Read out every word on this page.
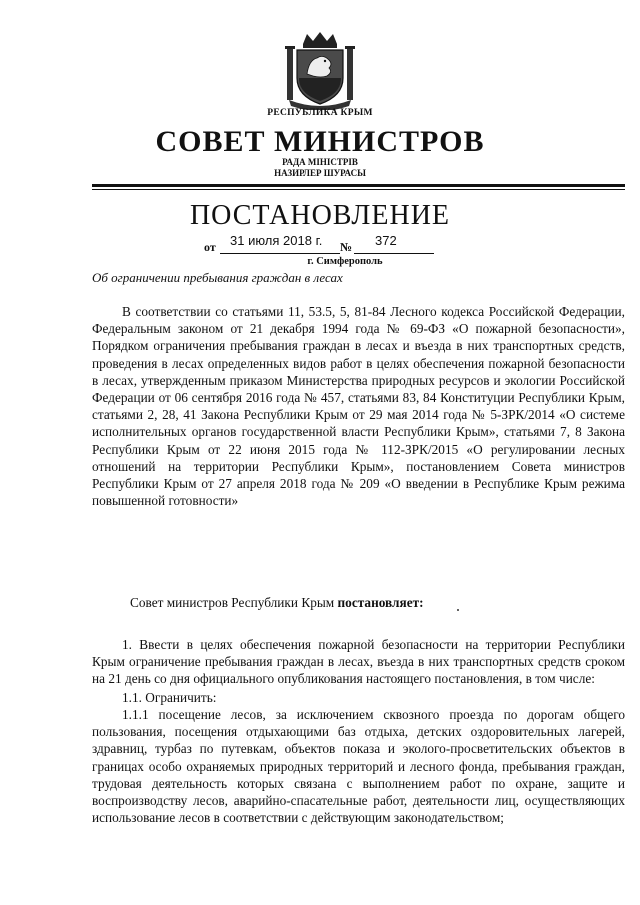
РЕСПУБЛИКА КРЫМ
СОВЕТ МИНИСТРОВ
РАДА МІНІСТРІВ
НАЗИРЛЕР ШУРАСЫ
ПОСТАНОВЛЕНИЕ
от 31 июля 2018 г. № 372
г. Симферополь
Об ограничении пребывания граждан в лесах
В соответствии со статьями 11, 53.5, 5, 81-84 Лесного кодекса Российской Федерации, Федеральным законом от 21 декабря 1994 года № 69-ФЗ «О пожарной безопасности», Порядком ограничения пребывания граждан в лесах и въезда в них транспортных средств, проведения в лесах определенных видов работ в целях обеспечения пожарной безопасности в лесах, утвержденным приказом Министерства природных ресурсов и экологии Российской Федерации от 06 сентября 2016 года № 457, статьями 83, 84 Конституции Республики Крым, статьями 2, 28, 41 Закона Республики Крым от 29 мая 2014 года № 5-ЗРК/2014 «О системе исполнительных органов государственной власти Республики Крым», статьями 7, 8 Закона Республики Крым от 22 июня 2015 года № 112-ЗРК/2015 «О регулировании лесных отношений на территории Республики Крым», постановлением Совета министров Республики Крым от 27 апреля 2018 года № 209 «О введении в Республике Крым режима повышенной готовности»
Совет министров Республики Крым постановляет:
1. Ввести в целях обеспечения пожарной безопасности на территории Республики Крым ограничение пребывания граждан в лесах, въезда в них транспортных средств сроком на 21 день со дня официального опубликования настоящего постановления, в том числе:
1.1. Ограничить:
1.1.1 посещение лесов, за исключением сквозного проезда по дорогам общего пользования, посещения отдыхающими баз отдыха, детских оздоровительных лагерей, здравниц, турбаз по путевкам, объектов показа и эколого-просветительских объектов в границах особо охраняемых природных территорий и лесного фонда, пребывания граждан, трудовая деятельность которых связана с выполнением работ по охране, защите и воспроизводству лесов, аварийно-спасательные работ, деятельности лиц, осуществляющих использование лесов в соответствии с действующим законодательством;
